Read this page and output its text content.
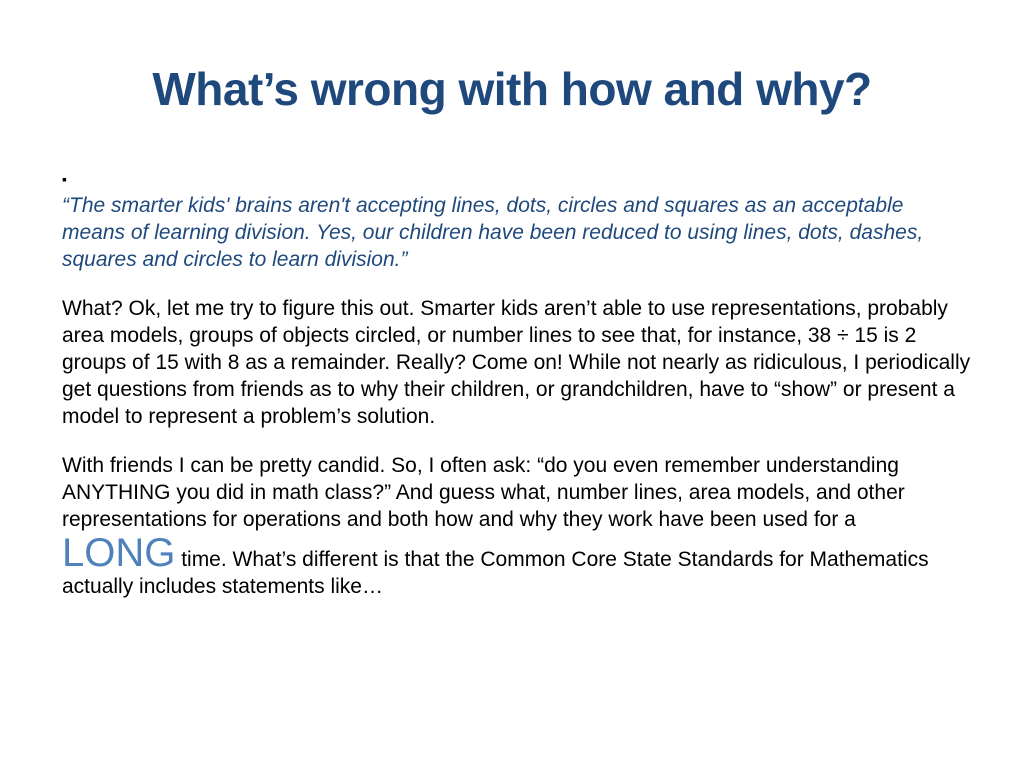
What’s wrong with how and why?
▪

“The smarter kids' brains aren't accepting lines, dots, circles and squares as an acceptable means of learning division. Yes, our children have been reduced to using lines, dots, dashes, squares and circles to learn division.”

What? Ok, let me try to figure this out. Smarter kids aren’t able to use representations, probably area models, groups of objects circled, or number lines to see that, for instance, 38 ÷ 15 is 2 groups of 15 with 8 as a remainder. Really? Come on! While not nearly as ridiculous, I periodically get questions from friends as to why their children, or grandchildren, have to “show” or present a model to represent a problem’s solution.

With friends I can be pretty candid. So, I often ask: “do you even remember understanding ANYTHING you did in math class?” And guess what, number lines, area models, and other representations for operations and both how and why they work have been used for a LONG time. What’s different is that the Common Core State Standards for Mathematics actually includes statements like…
